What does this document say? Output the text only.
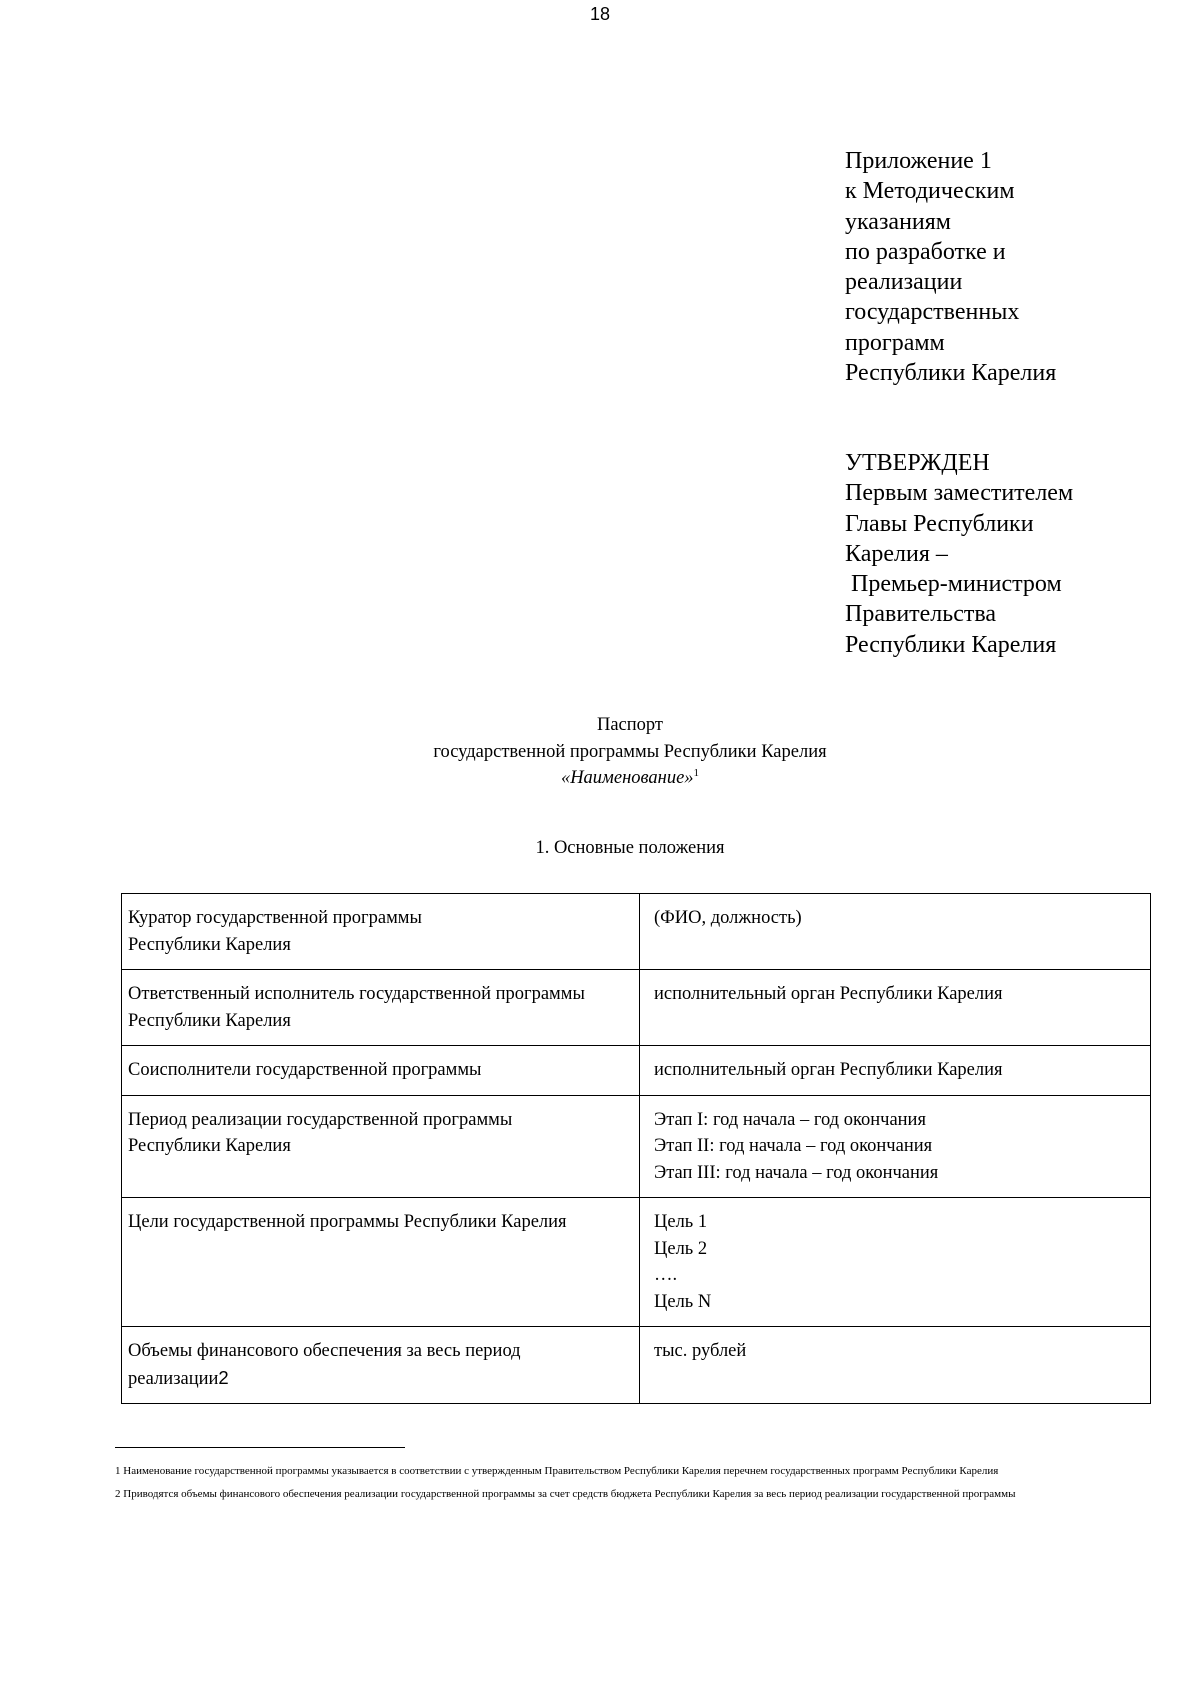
18
Приложение 1
к Методическим
указаниям
по разработке и
реализации
государственных
программ
Республики Карелия
УТВЕРЖДЕН
Первым заместителем
Главы Республики
Карелия –
Премьер-министром
Правительства
Республики Карелия
Паспорт
государственной программы Республики Карелия
«Наименование»$^1$
1. Основные положения
Куратор государственной программы
Республики Карелия	(ФИО, должность)

Ответственный исполнитель государственной программы
Республики Карелия	исполнительный орган Республики Карелия

Соисполнители государственной программы	исполнительный орган Республики Карелия

Период реализации государственной программы
Республики Карелия	Этап I: год начала – год окончания
Этап II: год начала – год окончания
Этап III: год начала – год окончания

Цели государственной программы Республики Карелия	Цель 1
Цель 2
….
Цель N

Объемы финансового обеспечения за весь период
реализации2	тыс. рублей

1 Наименование государственной программы указывается в соответствии с утвержденным Правительством Республики Карелия перечнем государственных программ Республики Карелия

2 Приводятся объемы финансового обеспечения реализации государственной программы за счет средств бюджета Республики Карелия за весь период реализации государственной программы
